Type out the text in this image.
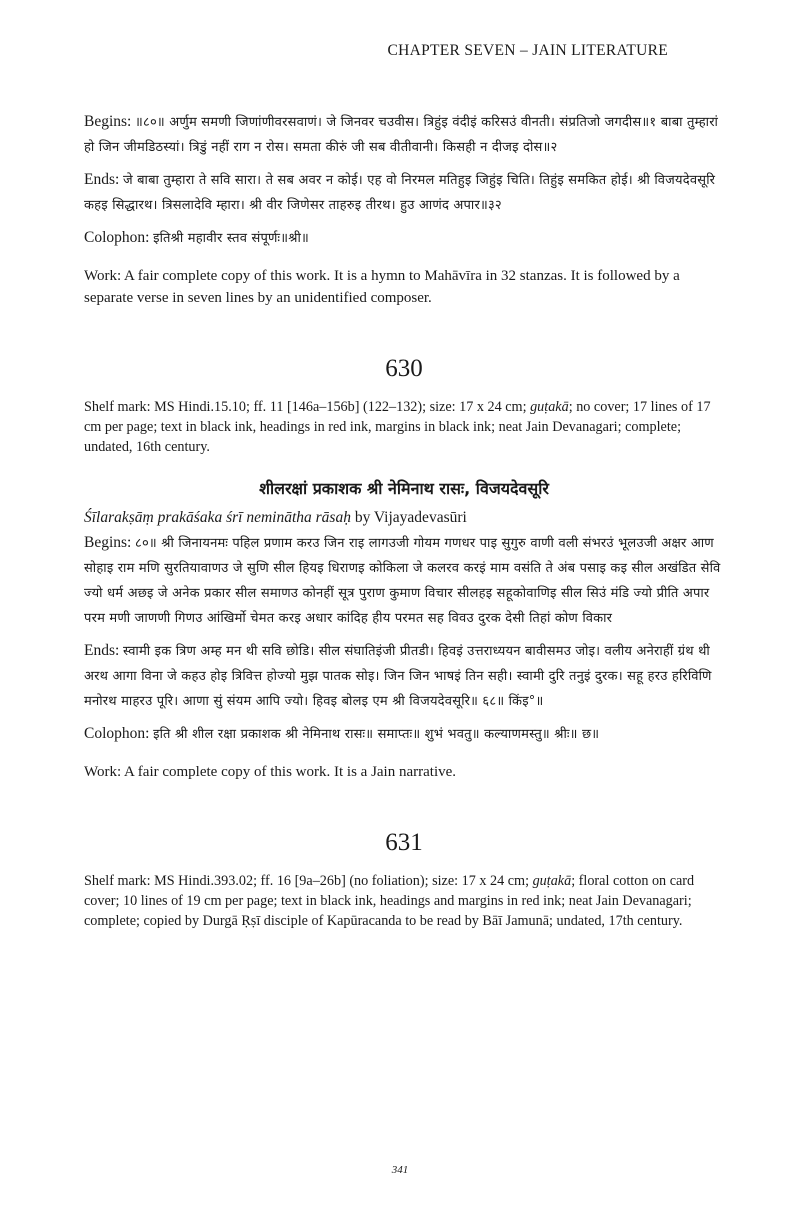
CHAPTER SEVEN – JAIN LITERATURE

Begins: ॥८०॥ अर्णुम समणी जिणांणीवरसवाणं। जे जिनवर चउवीस। त्रिहुंइ वंदीइं करिसउं वीनती। संप्रतिजो जगदीस॥१ बाबा तुम्हारां हो जिन जीमडिठस्यां। त्रिडुं नहीं राग न रोस। समता कीरुं जी सब वीतीवानी। किसही न दीजइ दोस॥२

Ends: जे बाबा तुम्हारा ते सवि सारा। ते सब अवर न कोई। एह वो निरमल मतिहुइ जिहुंइ चिति। तिहुंइ समकित होई। श्री विजयदेवसूरि कहइ सिद्धारथ। त्रिसलादेवि म्हारा। श्री वीर जिणेसर ताहरुइ तीरथ। हुउ आणंद अपार॥३२

Colophon: इतिश्री महावीर स्तव संपूर्णः॥श्री॥

Work: A fair complete copy of this work. It is a hymn to Mahāvīra in 32 stanzas. It is followed by a separate verse in seven lines by an unidentified composer.

630

Shelf mark: MS Hindi.15.10; ff. 11 [146a–156b] (122–132); size: 17 x 24 cm; guṭakā; no cover; 17 lines of 17 cm per page; text in black ink, headings in red ink, margins in black ink; neat Jain Devanagari; complete; undated, 16th century.

शीलरक्षां प्रकाशक श्री नेमिनाथ रासः, विजयदेवसूरि
Śīlarakṣāṃ prakāśaka śrī neminātha rāsaḥ by Vijayadevasūri

Begins: ८०॥ श्री जिनायनमः पहिल प्रणाम करउ जिन राइ लागउजी गोयम गणधर पाइ सुगुरु वाणी वली संभरउं भूलउजी अक्षर आण सोहाइ राम मणि सुरतियावाणउ जे सुणि सील हियइ धिराणइ कोकिला जे कलरव करइं माम वसंति ते अंब पसाइ कइ सील अखंडित सेवि ज्यो धर्म अछइ जे अनेक प्रकार सील समाणउ कोनहीं सूत्र पुराण कुमाण विचार सीलहइ सहूकोवाणिइ सील सिउं मंडि ज्यो प्रीति अपार परम मणी जाणणी गिणउ आंखिर्मो चेमत करइ अधार कांदिह हीय परमत सह विवउ दुरक देसी तिहां कोण विकार

Ends: स्वामी इक त्रिण अम्ह मन थी सवि छोडि। सील संघातिइंजी प्रीतडी। हिवइं उत्तराध्ययन बावीसमउ जोइ। वलीय अनेराहीं ग्रंथ थी अरथ आगा विना जे कहउ होइ त्रिवित्त होज्यो मुझ पातक सोइ। जिन जिन भाषइं तिन सही। स्वामी दुरि तनुइं दुरक। सहू हरउ हरिविणि मनोरथ माहरउ पूरि। आणा सुं संयम आपि ज्यो। हिवइ बोलइ एम श्री विजयदेवसूरि॥ ६८॥ किंइ°॥

Colophon: इति श्री शील रक्षा प्रकाशक श्री नेमिनाथ रासः॥ समाप्तः॥ शुभं भवतु॥ कल्याणमस्तु॥ श्रीः॥ छ॥

Work: A fair complete copy of this work. It is a Jain narrative.

631

Shelf mark: MS Hindi.393.02; ff. 16 [9a–26b] (no foliation); size: 17 x 24 cm; guṭakā; floral cotton on card cover; 10 lines of 19 cm per page; text in black ink, headings and margins in red ink; neat Jain Devanagari; complete; copied by Durgā Ṛṣī disciple of Kapūracanda to be read by Bāī Jamunā; undated, 17th century.

341
